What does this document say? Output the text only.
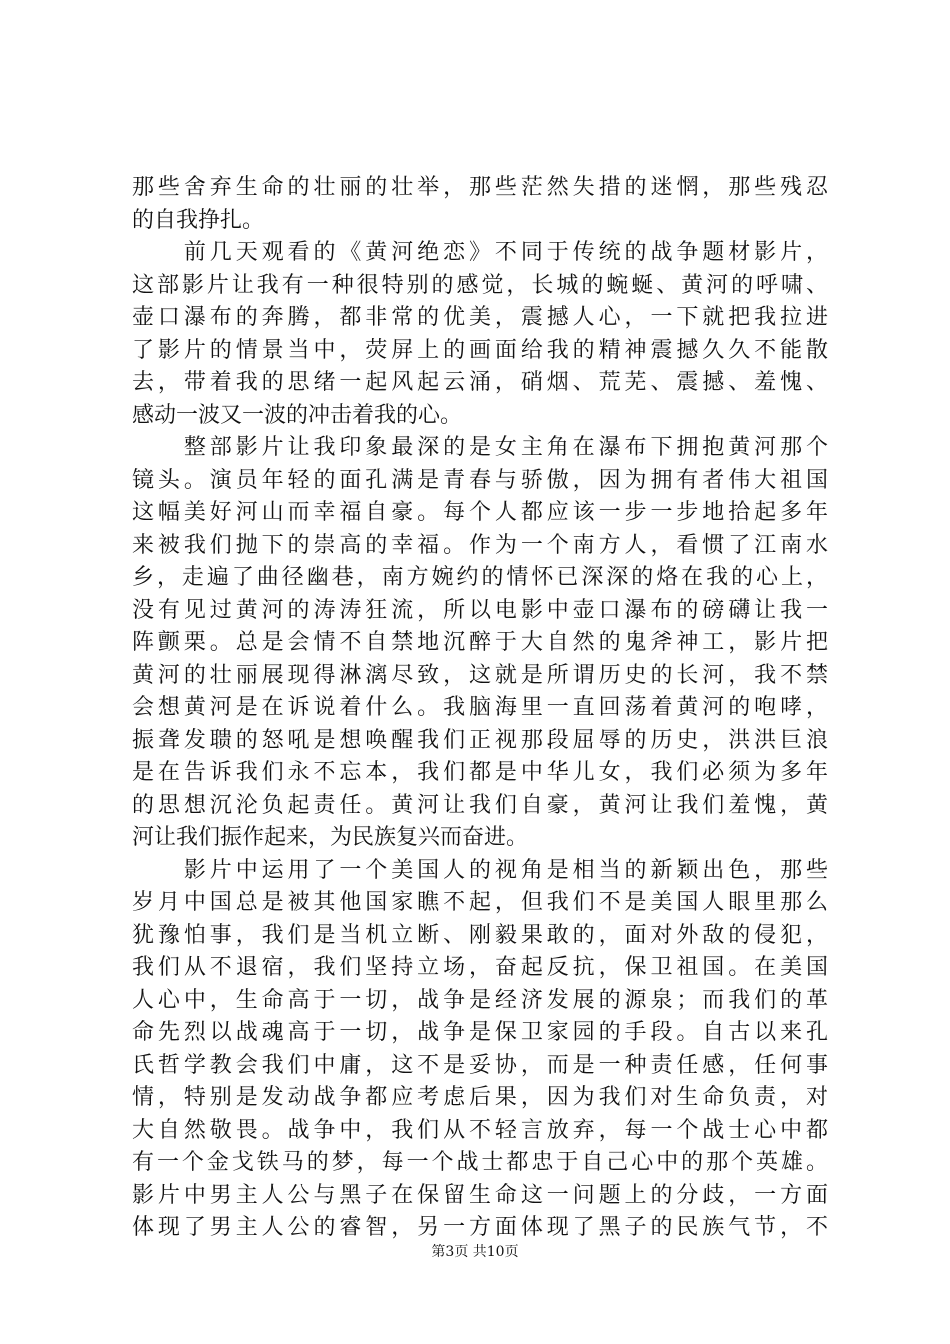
那些舍弃生命的壮丽的壮举，那些茫然失措的迷惘，那些残忍
的自我挣扎。
　　前几天观看的《黄河绝恋》不同于传统的战争题材影片，
这部影片让我有一种很特别的感觉，长城的蜿蜒、黄河的呼啸、
壶口瀑布的奔腾，都非常的优美，震撼人心，一下就把我拉进
了影片的情景当中，荧屏上的画面给我的精神震撼久久不能散
去，带着我的思绪一起风起云涌，硝烟、荒芜、震撼、羞愧、
感动一波又一波的冲击着我的心。
　　整部影片让我印象最深的是女主角在瀑布下拥抱黄河那个
镜头。演员年轻的面孔满是青春与骄傲，因为拥有者伟大祖国
这幅美好河山而幸福自豪。每个人都应该一步一步地拾起多年
来被我们抛下的崇高的幸福。作为一个南方人，看惯了江南水
乡，走遍了曲径幽巷，南方婉约的情怀已深深的烙在我的心上，
没有见过黄河的涛涛狂流，所以电影中壶口瀑布的磅礴让我一
阵颤栗。总是会情不自禁地沉醉于大自然的鬼斧神工，影片把
黄河的壮丽展现得淋漓尽致，这就是所谓历史的长河，我不禁
会想黄河是在诉说着什么。我脑海里一直回荡着黄河的咆哮，
振聋发聩的怒吼是想唤醒我们正视那段屈辱的历史，洪洪巨浪
是在告诉我们永不忘本，我们都是中华儿女，我们必须为多年
的思想沉沦负起责任。黄河让我们自豪，黄河让我们羞愧，黄
河让我们振作起来，为民族复兴而奋进。
　　影片中运用了一个美国人的视角是相当的新颖出色，那些
岁月中国总是被其他国家瞧不起，但我们不是美国人眼里那么
犹豫怕事，我们是当机立断、刚毅果敢的，面对外敌的侵犯，
我们从不退宿，我们坚持立场，奋起反抗，保卫祖国。在美国
人心中，生命高于一切，战争是经济发展的源泉；而我们的革
命先烈以战魂高于一切，战争是保卫家园的手段。自古以来孔
氏哲学教会我们中庸，这不是妥协，而是一种责任感，任何事
情，特别是发动战争都应考虑后果，因为我们对生命负责，对
大自然敬畏。战争中，我们从不轻言放弃，每一个战士心中都
有一个金戈铁马的梦，每一个战士都忠于自己心中的那个英雄。
影片中男主人公与黑子在保留生命这一问题上的分歧，一方面
体现了男主人公的睿智，另一方面体现了黑子的民族气节，不
第3页 共10页
